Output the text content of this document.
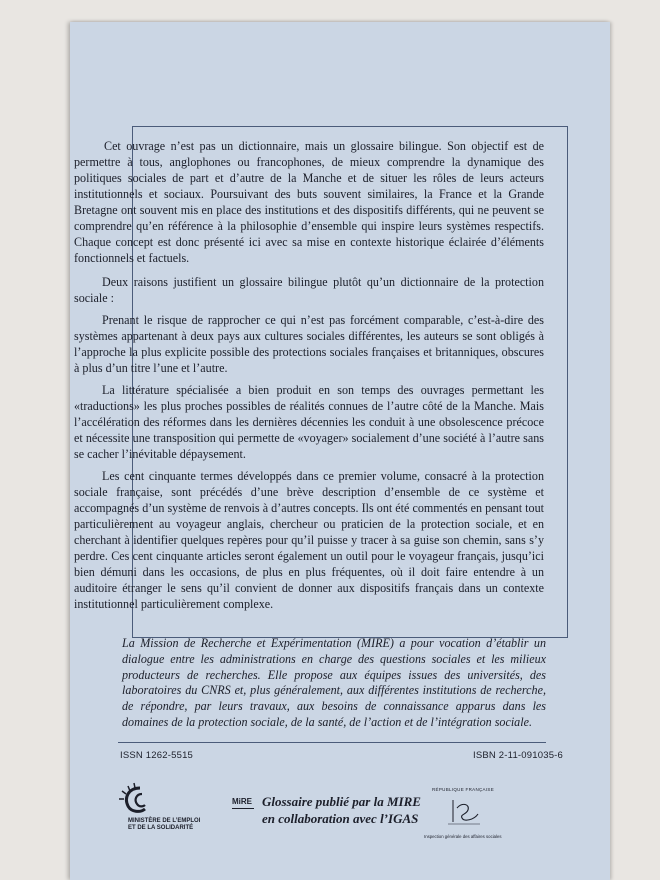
Cet ouvrage n’est pas un dictionnaire, mais un glossaire bilingue. Son objectif est de permettre à tous, anglophones ou francophones, de mieux comprendre la dynamique des politiques sociales de part et d’autre de la Manche et de situer les rôles de leurs acteurs institutionnels et sociaux. Poursuivant des buts souvent similaires, la France et la Grande Bretagne ont souvent mis en place des institutions et des dispositifs différents, qui ne peuvent se comprendre qu’en référence à la philosophie d’ensemble qui inspire leurs systèmes respectifs. Chaque concept est donc présenté ici avec sa mise en contexte historique éclairée d’éléments fonctionnels et factuels.

Deux raisons justifient un glossaire bilingue plutôt qu’un dictionnaire de la protection sociale :

Prenant le risque de rapprocher ce qui n’est pas forcément comparable, c’est-à-dire des systèmes appartenant à deux pays aux cultures sociales différentes, les auteurs se sont obligés à l’approche la plus explicite possible des protections sociales françaises et britanniques, obscures à plus d’un titre l’une et l’autre.

La littérature spécialisée a bien produit en son temps des ouvrages permettant les «traductions» les plus proches possibles de réalités connues de l’autre côté de la Manche. Mais l’accélération des réformes dans les dernières décennies les conduit à une obsolescence précoce et nécessite une transposition qui permette de «voyager» socialement d’une société à l’autre sans se cacher l’inévitable dépaysement.

Les cent cinquante termes développés dans ce premier volume, consacré à la protection sociale française, sont précédés d’une brève description d’ensemble de ce système et accompagnés d’un système de renvois à d’autres concepts. Ils ont été commentés en pensant tout particulièrement au voyageur anglais, chercheur ou praticien de la protection sociale, et en cherchant à identifier quelques repères pour qu’il puisse y tracer à sa guise son chemin, sans s’y perdre. Ces cent cinquante articles seront également un outil pour le voyageur français, jusqu’ici bien démuni dans les occasions, de plus en plus fréquentes, où il doit faire entendre à un auditoire étranger le sens qu’il convient de donner aux dispositifs français dans un contexte institutionnel particulièrement complexe.

La Mission de Recherche et Expérimentation (MIRE) a pour vocation d’établir un dialogue entre les administrations en charge des questions sociales et les milieux producteurs de recherches. Elle propose aux équipes issues des universités, des laboratoires du CNRS et, plus généralement, aux différentes institutions de recherche, de répondre, par leurs travaux, aux besoins de connaissance apparus dans les domaines de la protection sociale, de la santé, de l’action et de l’intégration sociale.

ISSN 1262-5515	ISBN 2-11-091035-6
MINISTÈRE DE L’EMPLOI
ET DE LA SOLIDARITÉ
MiRE Glossaire publié par la MIRE
en collaboration avec l’IGAS
RÉPUBLIQUE FRANÇAISE
Inspection générale des affaires sociales
